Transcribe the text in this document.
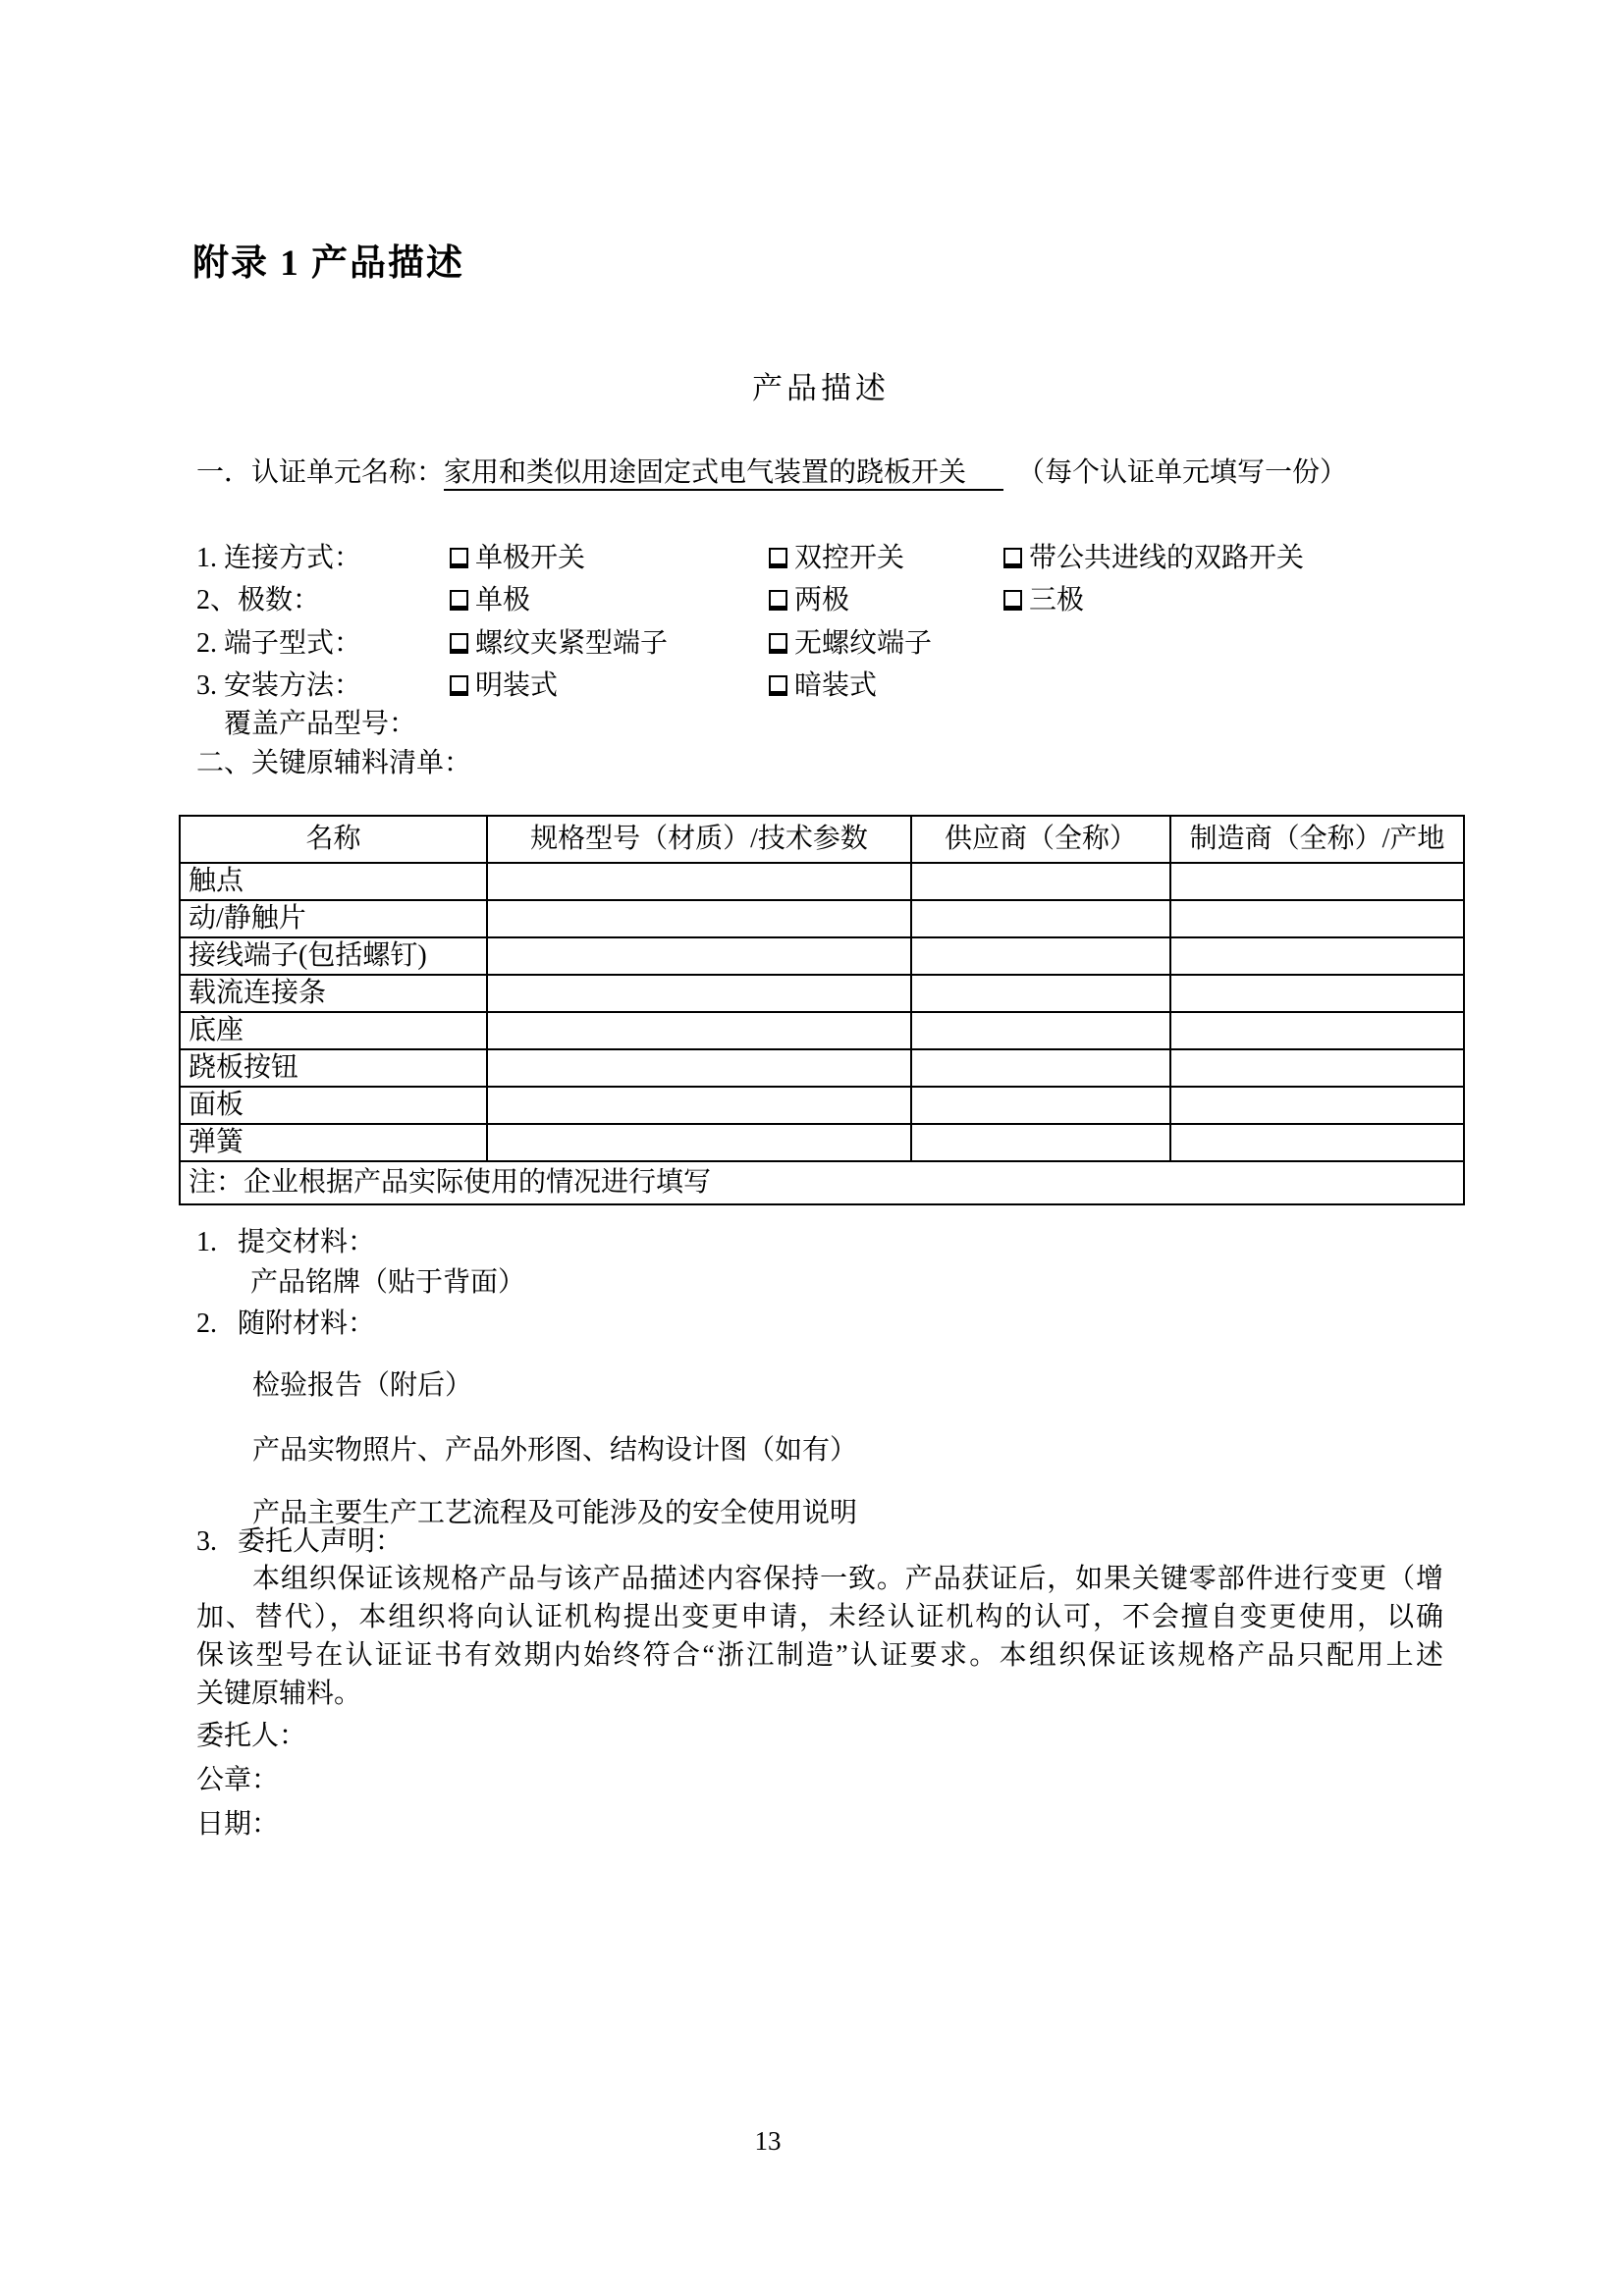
附录 1 产品描述
产品描述
一．认证单元名称：家用和类似用途固定式电气装置的跷板开关 （每个认证单元填写一份）
1. 连接方式：	单极开关	双控开关	带公共进线的双路开关
2、极数：	单极	两极	三极
2. 端子型式：	螺纹夹紧型端子	无螺纹端子
3. 安装方法：	明装式	暗装式
覆盖产品型号：
二、关键原辅料清单：
名称	规格型号（材质）/技术参数	供应商（全称）	制造商（全称）/产地
触点			
动/静触片			
接线端子(包括螺钉)			
载流连接条			
底座			
跷板按钮			
面板			
弹簧			
注：企业根据产品实际使用的情况进行填写			
1.   提交材料：
产品铭牌（贴于背面）
2.   随附材料：
检验报告（附后）
产品实物照片、产品外形图、结构设计图（如有）
产品主要生产工艺流程及可能涉及的安全使用说明
3.   委托人声明：
本组织保证该规格产品与该产品描述内容保持一致。产品获证后，如果关键零部件进行变更（增
加、替代），本组织将向认证机构提出变更申请，未经认证机构的认可，不会擅自变更使用，以确
保该型号在认证证书有效期内始终符合“浙江制造”认证要求。本组织保证该规格产品只配用上述
关键原辅料。
委托人：
公章：
日期：
13
